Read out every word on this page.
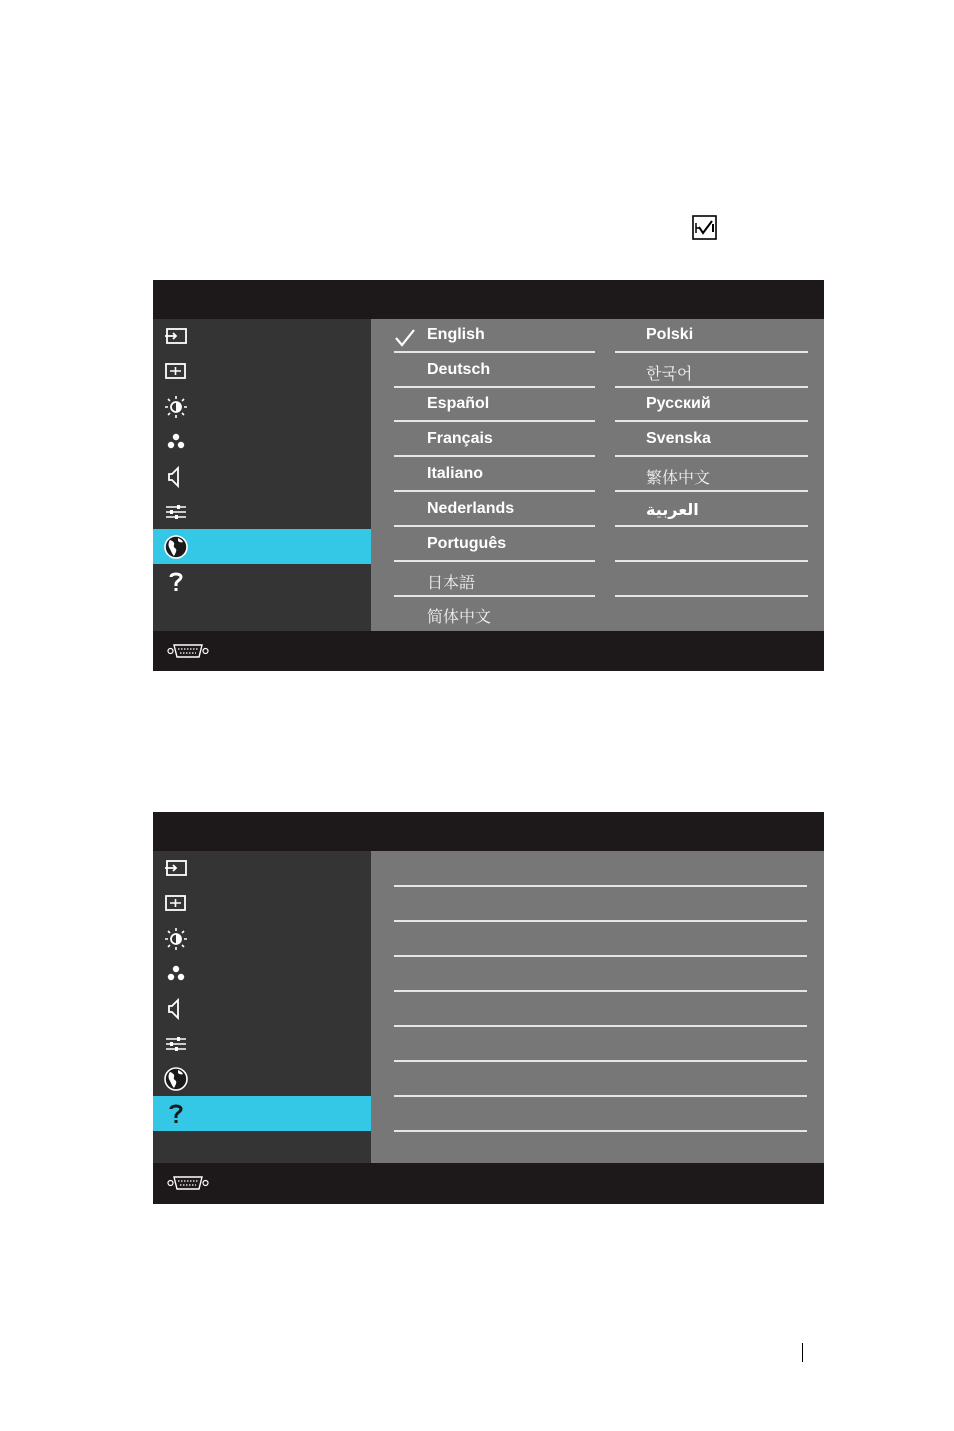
English
Deutsch
Español
Français
Italiano
Nederlands
Português
日本語
简体中文
Polski
한국어
Русский
Svenska
繁体中文
العربية
